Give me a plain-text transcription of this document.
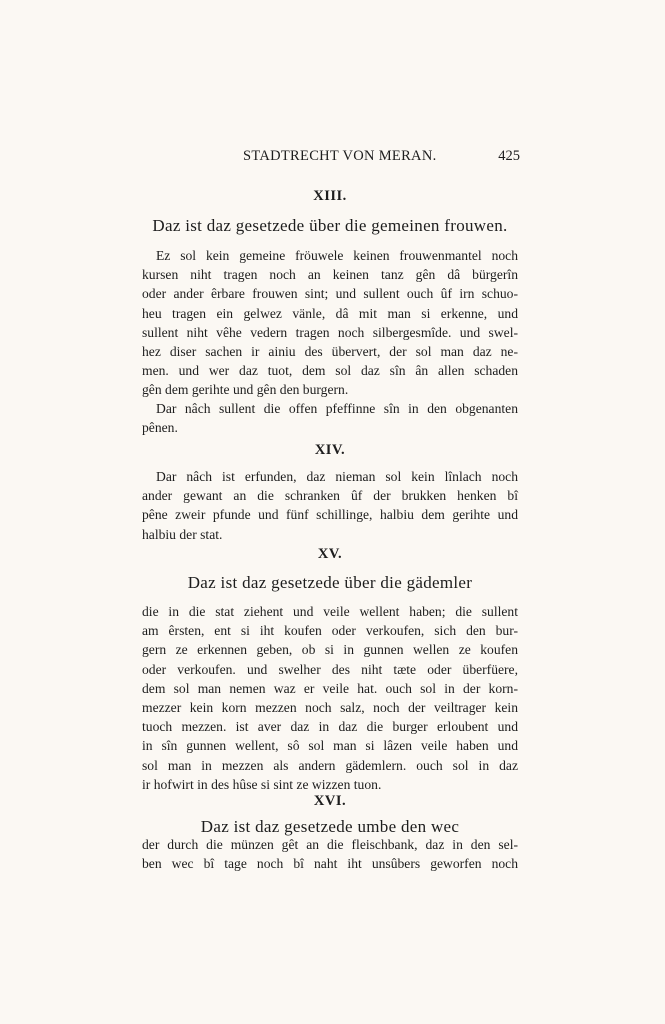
STADTRECHT VON MERAN.	425
XIII.
Daz ist daz gesetzede über die gemeinen frouwen.
Ez sol kein gemeine fröuwele keinen frouwenmantel noch
kursen niht tragen noch an keinen tanz gên dâ bürgerîn
oder ander êrbare frouwen sint; und sullent ouch ûf irn schuo-
heu tragen ein gelwez vänle, dâ mit man si erkenne, und
sullent niht vêhe vedern tragen noch silbergesmîde. und swel-
hez diser sachen ir ainiu des übervert, der sol man daz ne-
men. und wer daz tuot, dem sol daz sîn ân allen schaden
gên dem gerihte und gên den burgern.
Dar nâch sullent die offen pfeffinne sîn in den obgenanten
pênen.
XIV.
Dar nâch ist erfunden, daz nieman sol kein lînlach noch
ander gewant an die schranken ûf der brukken henken bî
pêne zweir pfunde und fünf schillinge, halbiu dem gerihte und
halbiu der stat.
XV.
Daz ist daz gesetzede über die gädemler
die in die stat ziehent und veile wellent haben; die sullent
am êrsten, ent si iht koufen oder verkoufen, sich den bur-
gern ze erkennen geben, ob si in gunnen wellen ze koufen
oder verkoufen. und swelher des niht tæte oder überfüere,
dem sol man nemen waz er veile hat. ouch sol in der korn-
mezzer kein korn mezzen noch salz, noch der veiltrager kein
tuoch mezzen. ist aver daz in daz die burger erloubent und
in sîn gunnen wellent, sô sol man si lâzen veile haben und
sol man in mezzen als andern gädemlern. ouch sol in daz
ir hofwirt in des hûse si sint ze wizzen tuon.
XVI.
Daz ist daz gesetzede umbe den wec
der durch die münzen gêt an die fleischbank, daz in den sel-
ben wec bî tage noch bî naht iht unsûbers geworfen noch
